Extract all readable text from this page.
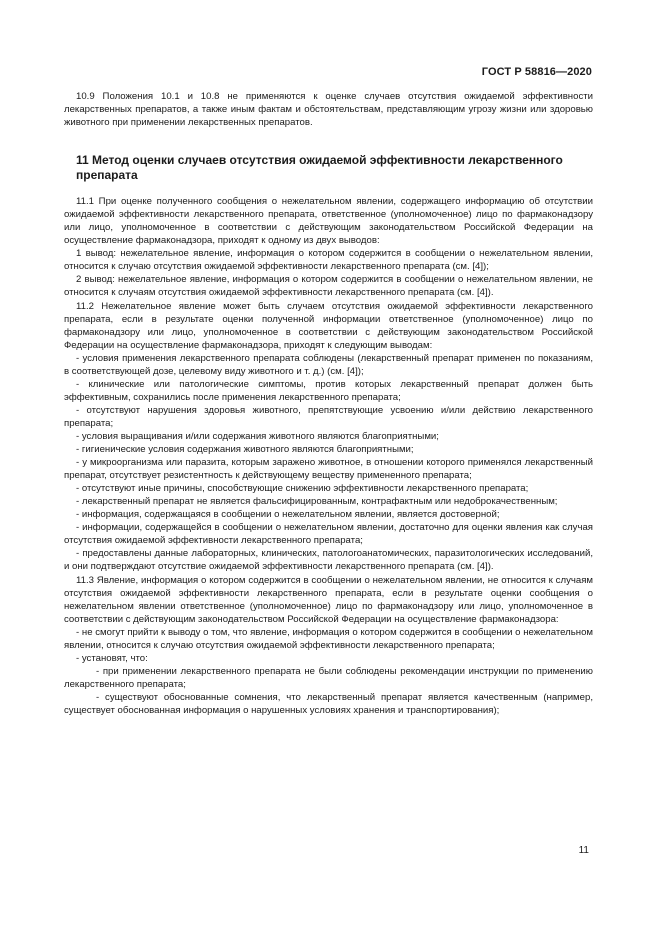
ГОСТ Р 58816—2020

10.9 Положения 10.1 и 10.8 не применяются к оценке случаев отсутствия ожидаемой эффективности лекарственных препаратов, а также иным фактам и обстоятельствам, представляющим угрозу жизни или здоровью животного при применении лекарственных препаратов.

11 Метод оценки случаев отсутствия ожидаемой эффективности лекарственного препарата

11.1 При оценке полученного сообщения о нежелательном явлении, содержащего информацию об отсутствии ожидаемой эффективности лекарственного препарата, ответственное (уполномоченное) лицо по фармаконадзору или лицо, уполномоченное в соответствии с действующим законодательством Российской Федерации на осуществление фармаконадзора, приходят к одному из двух выводов:

1 вывод: нежелательное явление, информация о котором содержится в сообщении о нежелательном явлении, относится к случаю отсутствия ожидаемой эффективности лекарственного препарата (см. [4]);

2 вывод: нежелательное явление, информация о котором содержится в сообщении о нежелательном явлении, не относится к случаям отсутствия ожидаемой эффективности лекарственного препарата (см. [4]).

11.2 Нежелательное явление может быть случаем отсутствия ожидаемой эффективности лекарственного препарата, если в результате оценки полученной информации ответственное (уполномоченное) лицо по фармаконадзору или лицо, уполномоченное в соответствии с действующим законодательством Российской Федерации на осуществление фармаконадзора, приходят к следующим выводам:

- условия применения лекарственного препарата соблюдены (лекарственный препарат применен по показаниям, в соответствующей дозе, целевому виду животного и т. д.) (см. [4]);

- клинические или патологические симптомы, против которых лекарственный препарат должен быть эффективным, сохранились после применения лекарственного препарата;

- отсутствуют нарушения здоровья животного, препятствующие усвоению и/или действию лекарственного препарата;

- условия выращивания и/или содержания животного являются благоприятными;

- гигиенические условия содержания животного являются благоприятными;

- у микроорганизма или паразита, которым заражено животное, в отношении которого применялся лекарственный препарат, отсутствует резистентность к действующему веществу примененного препарата;

- отсутствуют иные причины, способствующие снижению эффективности лекарственного препарата;

- лекарственный препарат не является фальсифицированным, контрафактным или недоброкачественным;

- информация, содержащаяся в сообщении о нежелательном явлении, является достоверной;

- информации, содержащейся в сообщении о нежелательном явлении, достаточно для оценки явления как случая отсутствия ожидаемой эффективности лекарственного препарата;

- предоставлены данные лабораторных, клинических, патологоанатомических, паразитологических исследований, и они подтверждают отсутствие ожидаемой эффективности лекарственного препарата (см. [4]).

11.3 Явление, информация о котором содержится в сообщении о нежелательном явлении, не относится к случаям отсутствия ожидаемой эффективности лекарственного препарата, если в результате оценки сообщения о нежелательном явлении ответственное (уполномоченное) лицо по фармаконадзору или лицо, уполномоченное в соответствии с действующим законодательством Российской Федерации на осуществление фармаконадзора:

- не смогут прийти к выводу о том, что явление, информация о котором содержится в сообщении о нежелательном явлении, относится к случаю отсутствия ожидаемой эффективности лекарственного препарата;

- установят, что:

- при применении лекарственного препарата не были соблюдены рекомендации инструкции по применению лекарственного препарата;

- существуют обоснованные сомнения, что лекарственный препарат является качественным (например, существует обоснованная информация о нарушенных условиях хранения и транспортирования);

11
